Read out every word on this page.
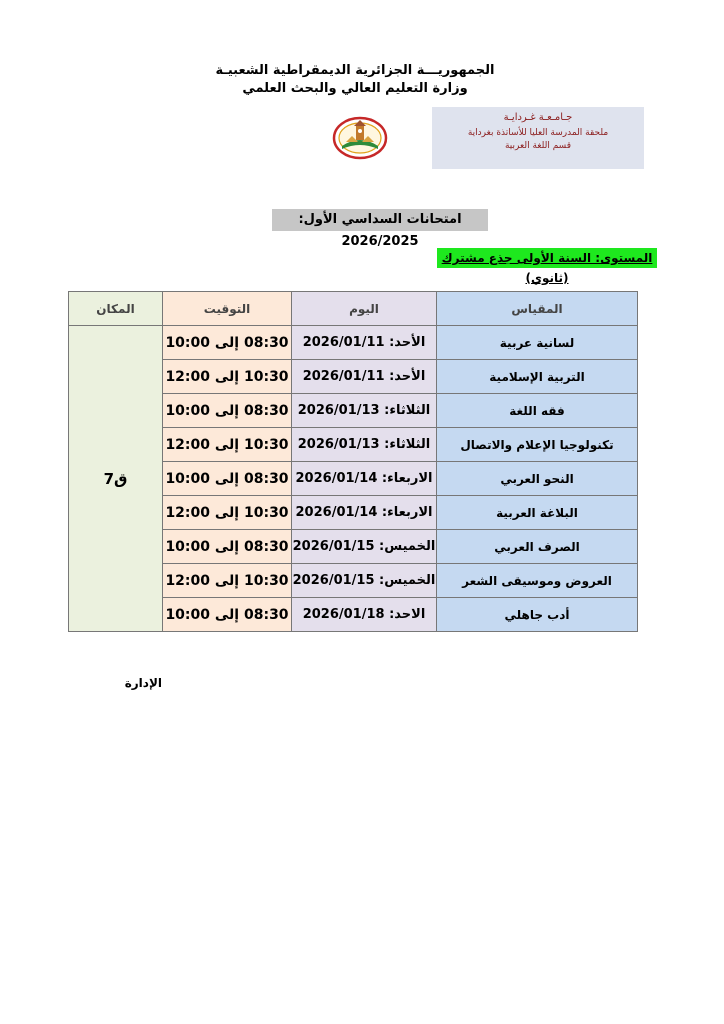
الجمهوريـــة الجزائرية الديمقراطية الشعبيـة
وزارة التعليم العالي والبحث العلمي
جـامـعـة غـردايـة
ملحقة المدرسة العليا للأساتذة بغرداية
قسم اللغة العربية
امتحانات السداسي الأول: 2026/2025
المستوى: السنة الأولى جذع مشترك (ثانوي)
المكان	التوقيت	اليوم	المقياس
ق7	08:30 إلى 10:00	الأحد: 2026/01/11	لسانية عربية
	10:30 إلى 12:00	الأحد: 2026/01/11	التربية الإسلامية
	08:30 إلى 10:00	الثلاثاء: 2026/01/13	فقه اللغة
	10:30 إلى 12:00	الثلاثاء: 2026/01/13	تكنولوجيا الإعلام والاتصال
	08:30 إلى 10:00	الاربعاء: 2026/01/14	النحو العربي
	10:30 إلى 12:00	الاربعاء: 2026/01/14	البلاغة العربية
	08:30 إلى 10:00	الخميس: 2026/01/15	الصرف العربي
	10:30 إلى 12:00	الخميس: 2026/01/15	العروض وموسيقى الشعر
	08:30 إلى 10:00	الاحد: 2026/01/18	أدب جاهلي
الإدارة
